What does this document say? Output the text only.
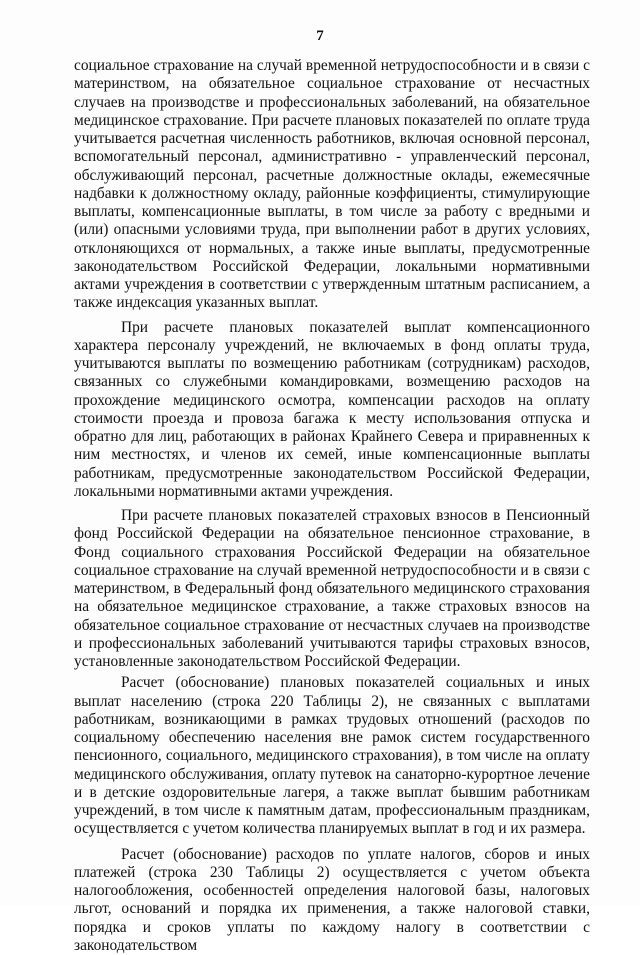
7

социальное страхование на случай временной нетрудоспособности и в связи с материнством, на обязательное социальное страхование от несчастных случаев на производстве и профессиональных заболеваний, на обязательное медицинское страхование. При расчете плановых показателей по оплате труда учитывается расчетная численность работников, включая основной персонал, вспомогательный персонал, административно - управленческий персонал, обслуживающий персонал, расчетные должностные оклады, ежемесячные надбавки к должностному окладу, районные коэффициенты, стимулирующие выплаты, компенсационные выплаты, в том числе за работу с вредными и (или) опасными условиями труда, при выполнении работ в других условиях, отклоняющихся от нормальных, а также иные выплаты, предусмотренные законодательством Российской Федерации, локальными нормативными актами учреждения в соответствии с утвержденным штатным расписанием, а также индексация указанных выплат.

При расчете плановых показателей выплат компенсационного характера персоналу учреждений, не включаемых в фонд оплаты труда, учитываются выплаты по возмещению работникам (сотрудникам) расходов, связанных со служебными командировками, возмещению расходов на прохождение медицинского осмотра, компенсации расходов на оплату стоимости проезда и провоза багажа к месту использования отпуска и обратно для лиц, работающих в районах Крайнего Севера и приравненных к ним местностях, и членов их семей, иные компенсационные выплаты работникам, предусмотренные законодательством Российской Федерации, локальными нормативными актами учреждения.

При расчете плановых показателей страховых взносов в Пенсионный фонд Российской Федерации на обязательное пенсионное страхование, в Фонд социального страхования Российской Федерации на обязательное социальное страхование на случай временной нетрудоспособности и в связи с материнством, в Федеральный фонд обязательного медицинского страхования на обязательное медицинское страхование, а также страховых взносов на обязательное социальное страхование от несчастных случаев на производстве и профессиональных заболеваний учитываются тарифы страховых взносов, установленные законодательством Российской Федерации.

Расчет (обоснование) плановых показателей социальных и иных выплат населению (строка 220 Таблицы 2), не связанных с выплатами работникам, возникающими в рамках трудовых отношений (расходов по социальному обеспечению населения вне рамок систем государственного пенсионного, социального, медицинского страхования), в том числе на оплату медицинского обслуживания, оплату путевок на санаторно-курортное лечение и в детские оздоровительные лагеря, а также выплат бывшим работникам учреждений, в том числе к памятным датам, профессиональным праздникам, осуществляется с учетом количества планируемых выплат в год и их размера.

Расчет (обоснование) расходов по уплате налогов, сборов и иных платежей (строка 230 Таблицы 2) осуществляется с учетом объекта налогообложения, особенностей определения налоговой базы, налоговых льгот, оснований и порядка их применения, а также налоговой ставки, порядка и сроков уплаты по каждому налогу в соответствии с законодательством
